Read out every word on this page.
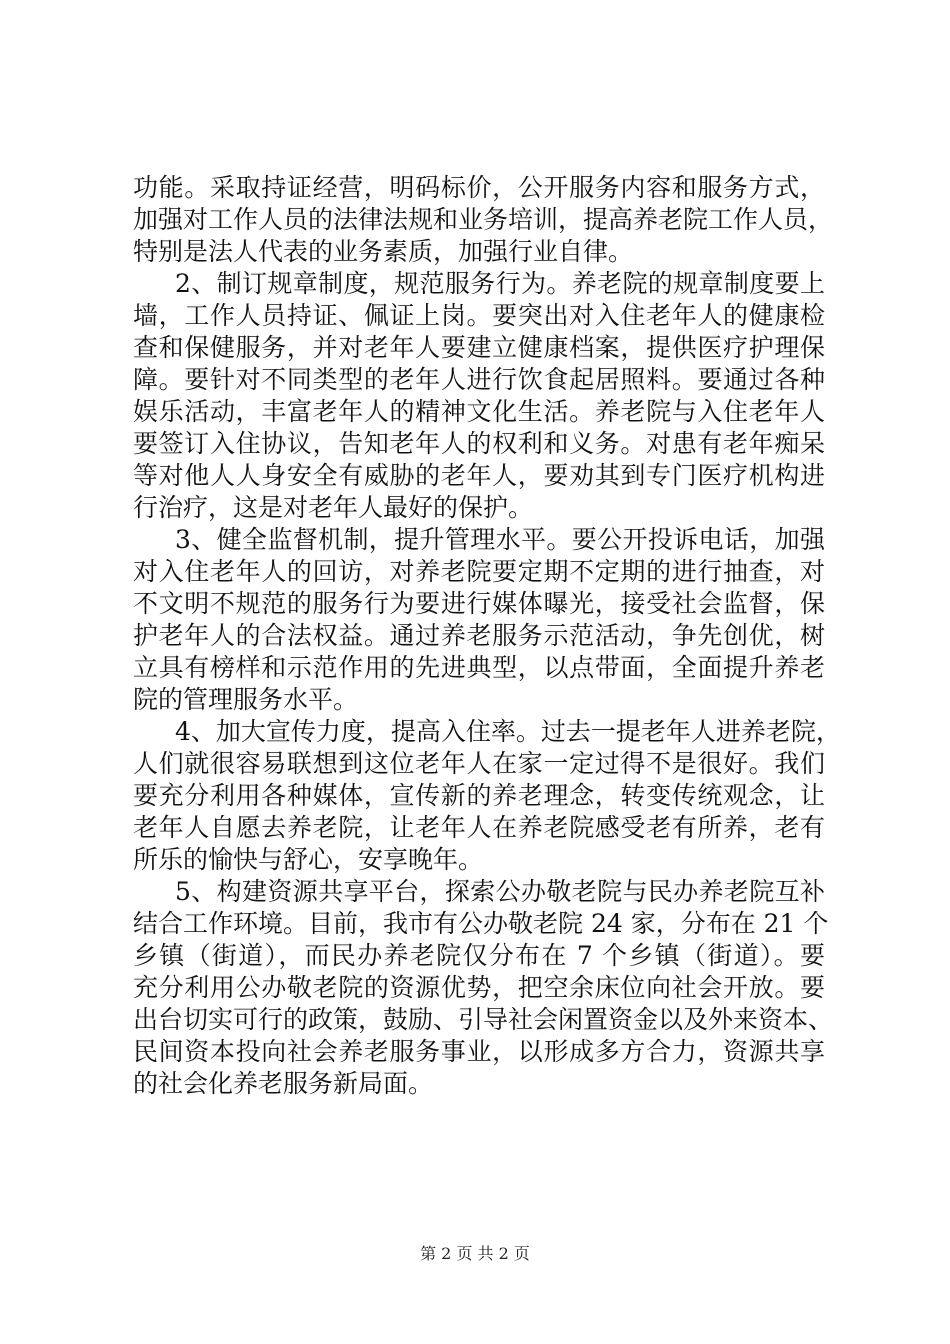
功能。采取持证经营，明码标价，公开服务内容和服务方式，
加强对工作人员的法律法规和业务培训，提高养老院工作人员，
特别是法人代表的业务素质，加强行业自律。
2、制订规章制度，规范服务行为。养老院的规章制度要上
墙，工作人员持证、佩证上岗。要突出对入住老年人的健康检
查和保健服务，并对老年人要建立健康档案，提供医疗护理保
障。要针对不同类型的老年人进行饮食起居照料。要通过各种
娱乐活动，丰富老年人的精神文化生活。养老院与入住老年人
要签订入住协议，告知老年人的权利和义务。对患有老年痴呆
等对他人人身安全有威胁的老年人，要劝其到专门医疗机构进
行治疗，这是对老年人最好的保护。
3、健全监督机制，提升管理水平。要公开投诉电话，加强
对入住老年人的回访，对养老院要定期不定期的进行抽查，对
不文明不规范的服务行为要进行媒体曝光，接受社会监督，保
护老年人的合法权益。通过养老服务示范活动，争先创优，树
立具有榜样和示范作用的先进典型，以点带面，全面提升养老
院的管理服务水平。
4、加大宣传力度，提高入住率。过去一提老年人进养老院，
人们就很容易联想到这位老年人在家一定过得不是很好。我们
要充分利用各种媒体，宣传新的养老理念，转变传统观念，让
老年人自愿去养老院，让老年人在养老院感受老有所养，老有
所乐的愉快与舒心，安享晚年。
5、构建资源共享平台，探索公办敬老院与民办养老院互补
结合工作环境。目前，我市有公办敬老院 24 家，分布在 21 个
乡镇（街道），而民办养老院仅分布在 7 个乡镇（街道）。要
充分利用公办敬老院的资源优势，把空余床位向社会开放。要
出台切实可行的政策，鼓励、引导社会闲置资金以及外来资本、
民间资本投向社会养老服务事业，以形成多方合力，资源共享
的社会化养老服务新局面。
第 2 页 共 2 页
